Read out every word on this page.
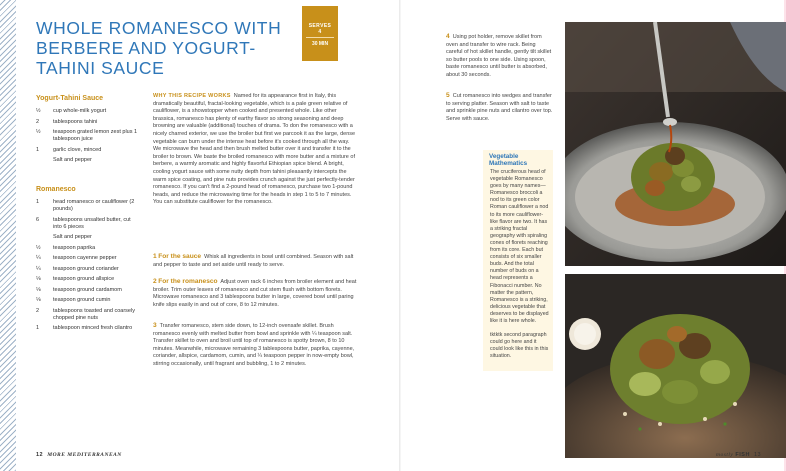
WHOLE ROMANESCO WITH BERBERE AND YOGURT-TAHINI SAUCE
SERVES
4
30 MIN
Yogurt-Tahini Sauce
½	cup whole-milk yogurt
2	tablespoons tahini
½	teaspoon grated lemon zest plus 1 tablespoon juice
1	garlic clove, minced
Salt and pepper
Romanesco
1	head romanesco or cauliflower (2 pounds)
6	tablespoons unsalted butter, cut into 6 pieces
Salt and pepper
½	teaspoon paprika
¼	teaspoon cayenne pepper
¼	teaspoon ground coriander
⅛	teaspoon ground allspice
⅛	teaspoon ground cardamom
⅛	teaspoon ground cumin
2	tablespoons toasted and coarsely chopped pine nuts
1	tablespoon minced fresh cilantro
WHY THIS RECIPE WORKS Named for its appearance first in Italy, this dramatically beautiful, fractal-looking vegetable, which is a pale green relative of cauliflower, is a showstopper when cooked and presented whole. Like other brassica, romanesco has plenty of earthy flavor so strong seasoning and deep browning are valuable (additional) touches of drama. To don the romanesco with a nicely charred exterior, we use the broiler but first we parcook it as the large, dense vegetable can burn under the intense heat before it's cooked through all the way. We microwave the head and then brush melted butter over it and transfer it to the broiler to brown. We baste the broiled romanesco with more butter and a mixture of berbere, a warmly aromatic and highly flavorful Ethiopian spice blend. A bright, cooling yogurt sauce with some nutty depth from tahini pleasantly intercepts the warm spice coating, and pine nuts provides crunch against the just perfectly-tender romanesco. If you can't find a 2-pound head of romanesco, purchase two 1-pound heads, and reduce the microwaving time for the heads in step 1 to 5 to 7 minutes. You can substitute cauliflower for the romanesco.
1 For the sauce Whisk all ingredients in bowl until combined. Season with salt and pepper to taste and set aside until ready to serve.
2 For the romanesco Adjust oven rack 6 inches from broiler element and heat broiler. Trim outer leaves of romanesco and cut stem flush with bottom florets. Microwave romanesco and 3 tablespoons butter in large, covered bowl until paring knife slips easily in and out of core, 8 to 12 minutes.
3 Transfer romanesco, stem side down, to 12-inch ovensafe skillet. Brush romanesco evenly with melted butter from bowl and sprinkle with ¼ teaspoon salt. Transfer skillet to oven and broil until top of romanesco is spotty brown, 8 to 10 minutes. Meanwhile, microwave remaining 3 tablespoons butter, paprika, cayenne, coriander, allspice, cardamom, cumin, and ¼ teaspoon pepper in now-empty bowl, stirring occasionally, until fragrant and bubbling, 1 to 2 minutes.
12 MORE MEDITERRANEAN
4 Using pot holder, remove skillet from oven and transfer to wire rack. Being careful of hot skillet handle, gently tilt skillet so butter pools to one side. Using spoon, baste romanesco until butter is absorbed, about 30 seconds.
5 Cut romanesco into wedges and transfer to serving platter. Season with salt to taste and sprinkle pine nuts and cilantro over top. Serve with sauce.
Vegetable Mathematics
The cruciferous head of vegetable Romanesco goes by many names—Romanesco broccoli a nod to its green color Roman cauliflower a nod to its more cauliflower-like flavor are two. It has a striking fractal geography with spiraling cones of florets reaching from its core. Each but consists of six smaller buds. And the total number of buds on a head represents a Fibonacci number. No matter the pattern, Romanesco is a striking, delicious vegetable that deserves to be displayed like it is here whole.
tktktk second paragraph could go here and it could look like this in this situation.
mostly FISH 13
